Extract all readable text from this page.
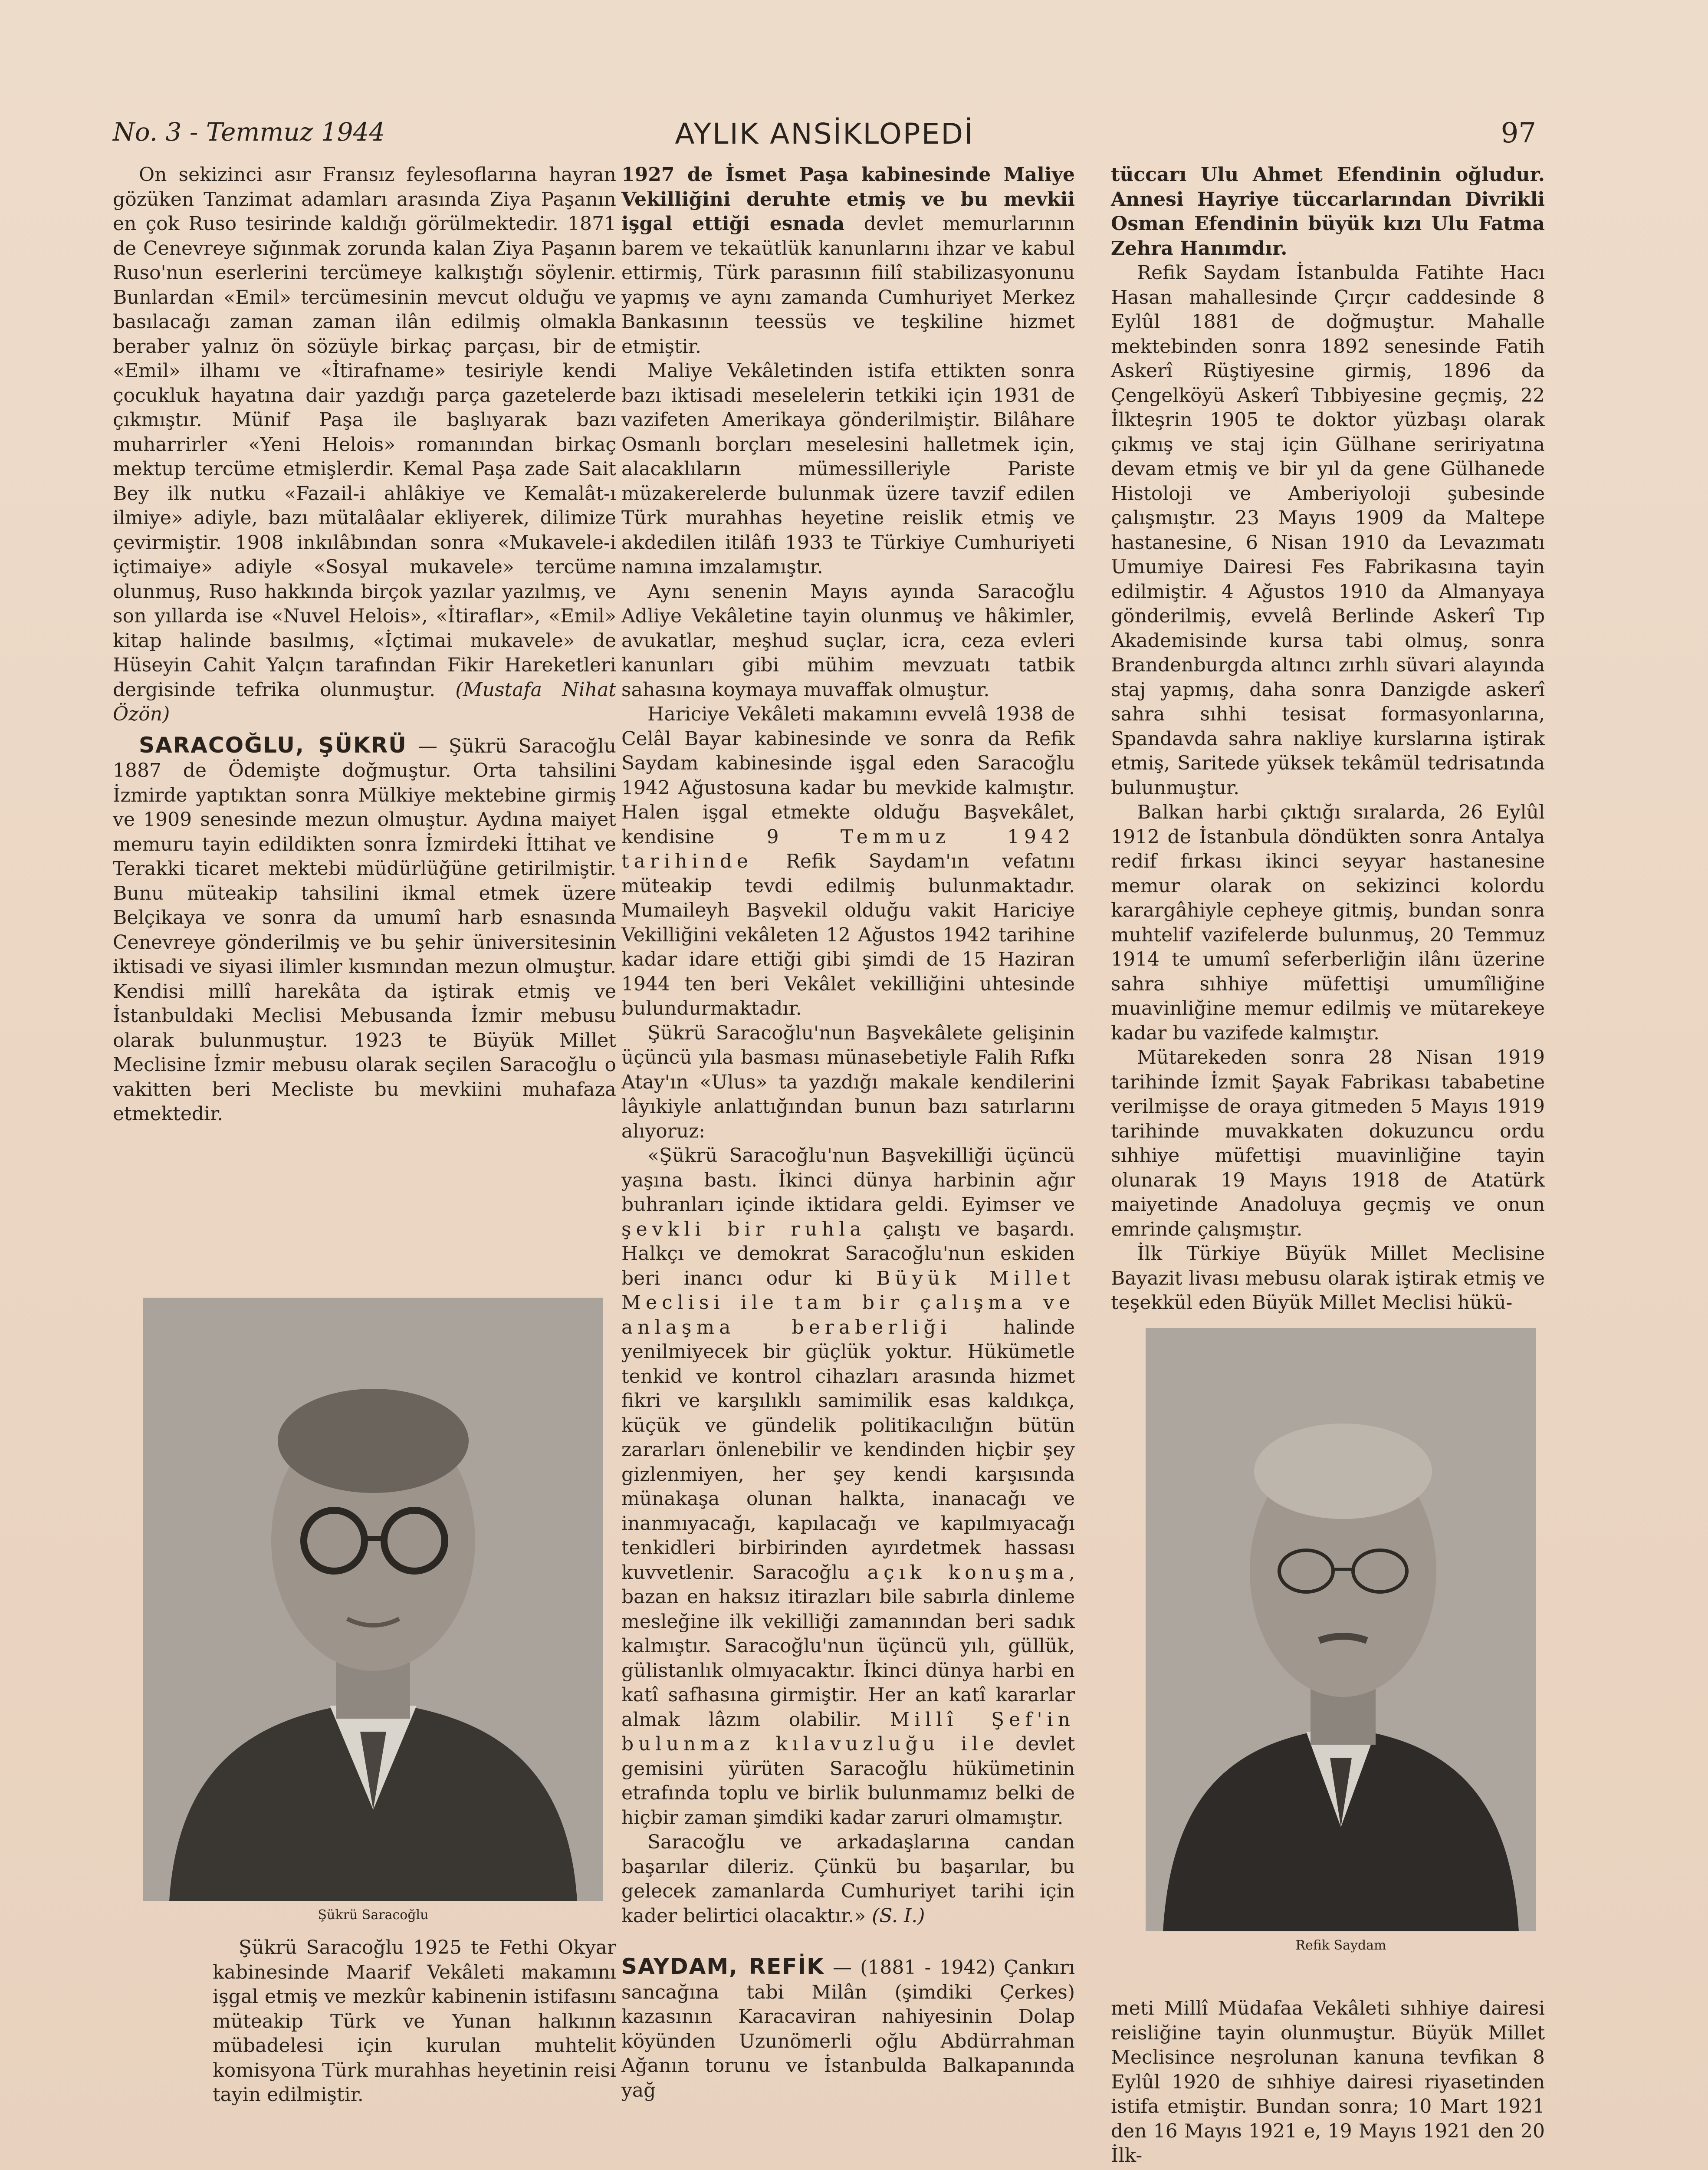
No. 3 - Temmuz 1944	AYLIK ANSİKLOPEDİ	97

On sekizinci asır Fransız feylesoflarına hayran gözüken Tanzimat adamları arasında Ziya Paşanın en çok Ruso tesirinde kaldığı görülmektedir. 1871 de Cenevreye sığınmak zorunda kalan Ziya Paşanın Ruso'nun eserlerini tercümeye kalkıştığı söylenir. Bunlardan «Emil» tercümesinin mevcut olduğu ve basılacağı zaman zaman ilân edilmiş olmakla beraber yalnız ön sözüyle birkaç parçası, bir de «Emil» ilhamı ve «İtirafname» tesiriyle kendi çocukluk hayatına dair yazdığı parça gazetelerde çıkmıştır. Münif Paşa ile başlıyarak bazı muharrirler «Yeni Helois» romanından birkaç mektup tercüme etmişlerdir. Kemal Paşa zade Sait Bey ilk nutku «Fazail-i ahlâkiye ve Kemalât-ı ilmiye» adiyle, bazı mütalâalar ekliyerek, dilimize çevirmiştir. 1908 inkılâbından sonra «Mukavele-i içtimaiye» adiyle «Sosyal mukavele» tercüme olunmuş, Ruso hakkında birçok yazılar yazılmış, ve son yıllarda ise «Nuvel Helois», «İtiraflar», «Emil» kitap halinde basılmış, «İçtimai mukavele» de Hüseyin Cahit Yalçın tarafından Fikir Hareketleri dergisinde tefrika olunmuştur. (Mustafa Nihat Özön)

SARACOĞLU, ŞÜKRÜ — Şükrü Saracoğlu 1887 de Ödemişte doğmuştur. Orta tahsilini İzmirde yaptıktan sonra Mülkiye mektebine girmiş ve 1909 senesinde mezun olmuştur. Aydına maiyet memuru tayin edildikten sonra İzmirdeki İttihat ve Terakki ticaret mektebi müdürlüğüne getirilmiştir. Bunu müteakip tahsilini ikmal etmek üzere Belçikaya ve sonra da umumî harb esnasında Cenevreye gönderilmiş ve bu şehir üniversitesinin iktisadi ve siyasi ilimler kısmından mezun olmuştur. Kendisi millî harekâta da iştirak etmiş ve İstanbuldaki Meclisi Mebusanda İzmir mebusu olarak bulunmuştur. 1923 te Büyük Millet Meclisine İzmir mebusu olarak seçilen Saracoğlu o vakitten beri Mecliste bu mevkiini muhafaza etmektedir.

Şükrü Saracoğlu

Şükrü Saracoğlu 1925 te Fethi Okyar kabinesinde Maarif Vekâleti makamını işgal etmiş ve mezkûr kabinenin istifasını müteakip Türk ve Yunan halkının mübadelesi için kurulan muhtelit komisyona Türk murahhas heyetinin reisi tayin edilmiştir.

1927 de İsmet Paşa kabinesinde Maliye Vekilliğini deruhte etmiş ve bu mevkii işgal ettiği esnada devlet memurlarının barem ve tekaütlük kanunlarını ihzar ve kabul ettirmiş, Türk parasının fiilî stabilizasyonunu yapmış ve aynı zamanda Cumhuriyet Merkez Bankasının teessüs ve teşkiline hizmet etmiştir.

Maliye Vekâletinden istifa ettikten sonra bazı iktisadi meselelerin tetkiki için 1931 de vazifeten Amerikaya gönderilmiştir. Bilâhare Osmanlı borçları meselesini halletmek için, alacaklıların mümessilleriyle Pariste müzakerelerde bulunmak üzere tavzif edilen Türk murahhas heyetine reislik etmiş ve akdedilen itilâfı 1933 te Türkiye Cumhuriyeti namına imzalamıştır.

Aynı senenin Mayıs ayında Saracoğlu Adliye Vekâletine tayin olunmuş ve hâkimler, avukatlar, meşhud suçlar, icra, ceza evleri kanunları gibi mühim mevzuatı tatbik sahasına koymaya muvaffak olmuştur.

Hariciye Vekâleti makamını evvelâ 1938 de Celâl Bayar kabinesinde ve sonra da Refik Saydam kabinesinde işgal eden Saracoğlu 1942 Ağustosuna kadar bu mevkide kalmıştır. Halen işgal etmekte olduğu Başvekâlet, kendisine 9 Temmuz 1942 tarihinde Refik Saydam'ın vefatını müteakip tevdi edilmiş bulunmaktadır. Mumaileyh Başvekil olduğu vakit Hariciye Vekilliğini vekâleten 12 Ağustos 1942 tarihine kadar idare ettiği gibi şimdi de 15 Haziran 1944 ten beri Vekâlet vekilliğini uhtesinde bulundurmaktadır.

Şükrü Saracoğlu'nun Başvekâlete gelişinin üçüncü yıla basması münasebetiyle Falih Rıfkı Atay'ın «Ulus» ta yazdığı makale kendilerini lâyıkiyle anlattığından bunun bazı satırlarını alıyoruz:

«Şükrü Saracoğlu'nun Başvekilliği üçüncü yaşına bastı. İkinci dünya harbinin ağır buhranları içinde iktidara geldi. Eyimser ve şevkli bir ruhla çalıştı ve başardı. Halkçı ve demokrat Saracoğlu'nun eskiden beri inancı odur ki Büyük Millet Meclisi ile tam bir çalışma ve anlaşma beraberliği halinde yenilmiyecek bir güçlük yoktur. Hükümetle tenkid ve kontrol cihazları arasında hizmet fikri ve karşılıklı samimilik esas kaldıkça, küçük ve gündelik politikacılığın bütün zararları önlenebilir ve kendinden hiçbir şey gizlenmiyen, her şey kendi karşısında münakaşa olunan halkta, inanacağı ve inanmıyacağı, kapılacağı ve kapılmıyacağı tenkidleri birbirinden ayırdetmek hassası kuvvetlenir. Saracoğlu açık konuşma, bazan en haksız itirazları bile sabırla dinleme mesleğine ilk vekilliği zamanından beri sadık kalmıştır. Saracoğlu'nun üçüncü yılı, güllük, gülistanlık olmıyacaktır. İkinci dünya harbi en katî safhasına girmiştir. Her an katî kararlar almak lâzım olabilir. Millî Şef'in bulunmaz kılavuzluğu ile devlet gemisini yürüten Saracoğlu hükümetinin etrafında toplu ve birlik bulunmamız belki de hiçbir zaman şimdiki kadar zaruri olmamıştır.

Saracoğlu ve arkadaşlarına candan başarılar dileriz. Çünkü bu başarılar, bu gelecek zamanlarda Cumhuriyet tarihi için kader belirtici olacaktır.» (S. I.)

SAYDAM, REFİK — (1881 - 1942) Çankırı sancağına tabi Milân (şimdiki Çerkes) kazasının Karacaviran nahiyesinin Dolap köyünden Uzunömerli oğlu Abdürrahman Ağanın torunu ve İstanbulda Balkapanında yağ

tüccarı Ulu Ahmet Efendinin oğludur. Annesi Hayriye tüccarlarından Divrikli Osman Efendinin büyük kızı Ulu Fatma Zehra Hanımdır.

Refik Saydam İstanbulda Fatihte Hacı Hasan mahallesinde Çırçır caddesinde 8 Eylûl 1881 de doğmuştur. Mahalle mektebinden sonra 1892 senesinde Fatih Askerî Rüştiyesine girmiş, 1896 da Çengelköyü Askerî Tıbbiyesine geçmiş, 22 İlkteşrin 1905 te doktor yüzbaşı olarak çıkmış ve staj için Gülhane seririyatına devam etmiş ve bir yıl da gene Gülhanede Histoloji ve Amberiyoloji şubesinde çalışmıştır. 23 Mayıs 1909 da Maltepe hastanesine, 6 Nisan 1910 da Levazımatı Umumiye Dairesi Fes Fabrikasına tayin edilmiştir. 4 Ağustos 1910 da Almanyaya gönderilmiş, evvelâ Berlinde Askerî Tıp Akademisinde kursa tabi olmuş, sonra Brandenburgda altıncı zırhlı süvari alayında staj yapmış, daha sonra Danzigde askerî sahra sıhhi tesisat formasyonlarına, Spandavda sahra nakliye kurslarına iştirak etmiş, Saritede yüksek tekâmül tedrisatında bulunmuştur.

Balkan harbi çıktığı sıralarda, 26 Eylûl 1912 de İstanbula döndükten sonra Antalya redif fırkası ikinci seyyar hastanesine memur olarak on sekizinci kolordu karargâhiyle cepheye gitmiş, bundan sonra muhtelif vazifelerde bulunmuş, 20 Temmuz 1914 te umumî seferberliğin ilânı üzerine sahra sıhhiye müfettişi umumîliğine muavinliğine memur edilmiş ve mütarekeye kadar bu vazifede kalmıştır.

Mütarekeden sonra 28 Nisan 1919 tarihinde İzmit Şayak Fabrikası tababetine verilmişse de oraya gitmeden 5 Mayıs 1919 tarihinde muvakkaten dokuzuncu ordu sıhhiye müfettişi muavinliğine tayin olunarak 19 Mayıs 1918 de Atatürk maiyetinde Anadoluya geçmiş ve onun emrinde çalışmıştır.

İlk Türkiye Büyük Millet Meclisine Bayazit livası mebusu olarak iştirak etmiş ve teşekkül eden Büyük Millet Meclisi hükü-

Refik Saydam

meti Millî Müdafaa Vekâleti sıhhiye dairesi reisliğine tayin olunmuştur. Büyük Millet Meclisince neşrolunan kanuna tevfikan 8 Eylûl 1920 de sıhhiye dairesi riyasetinden istifa etmiştir. Bundan sonra; 10 Mart 1921 den 16 Mayıs 1921 e, 19 Mayıs 1921 den 20 İlk-
